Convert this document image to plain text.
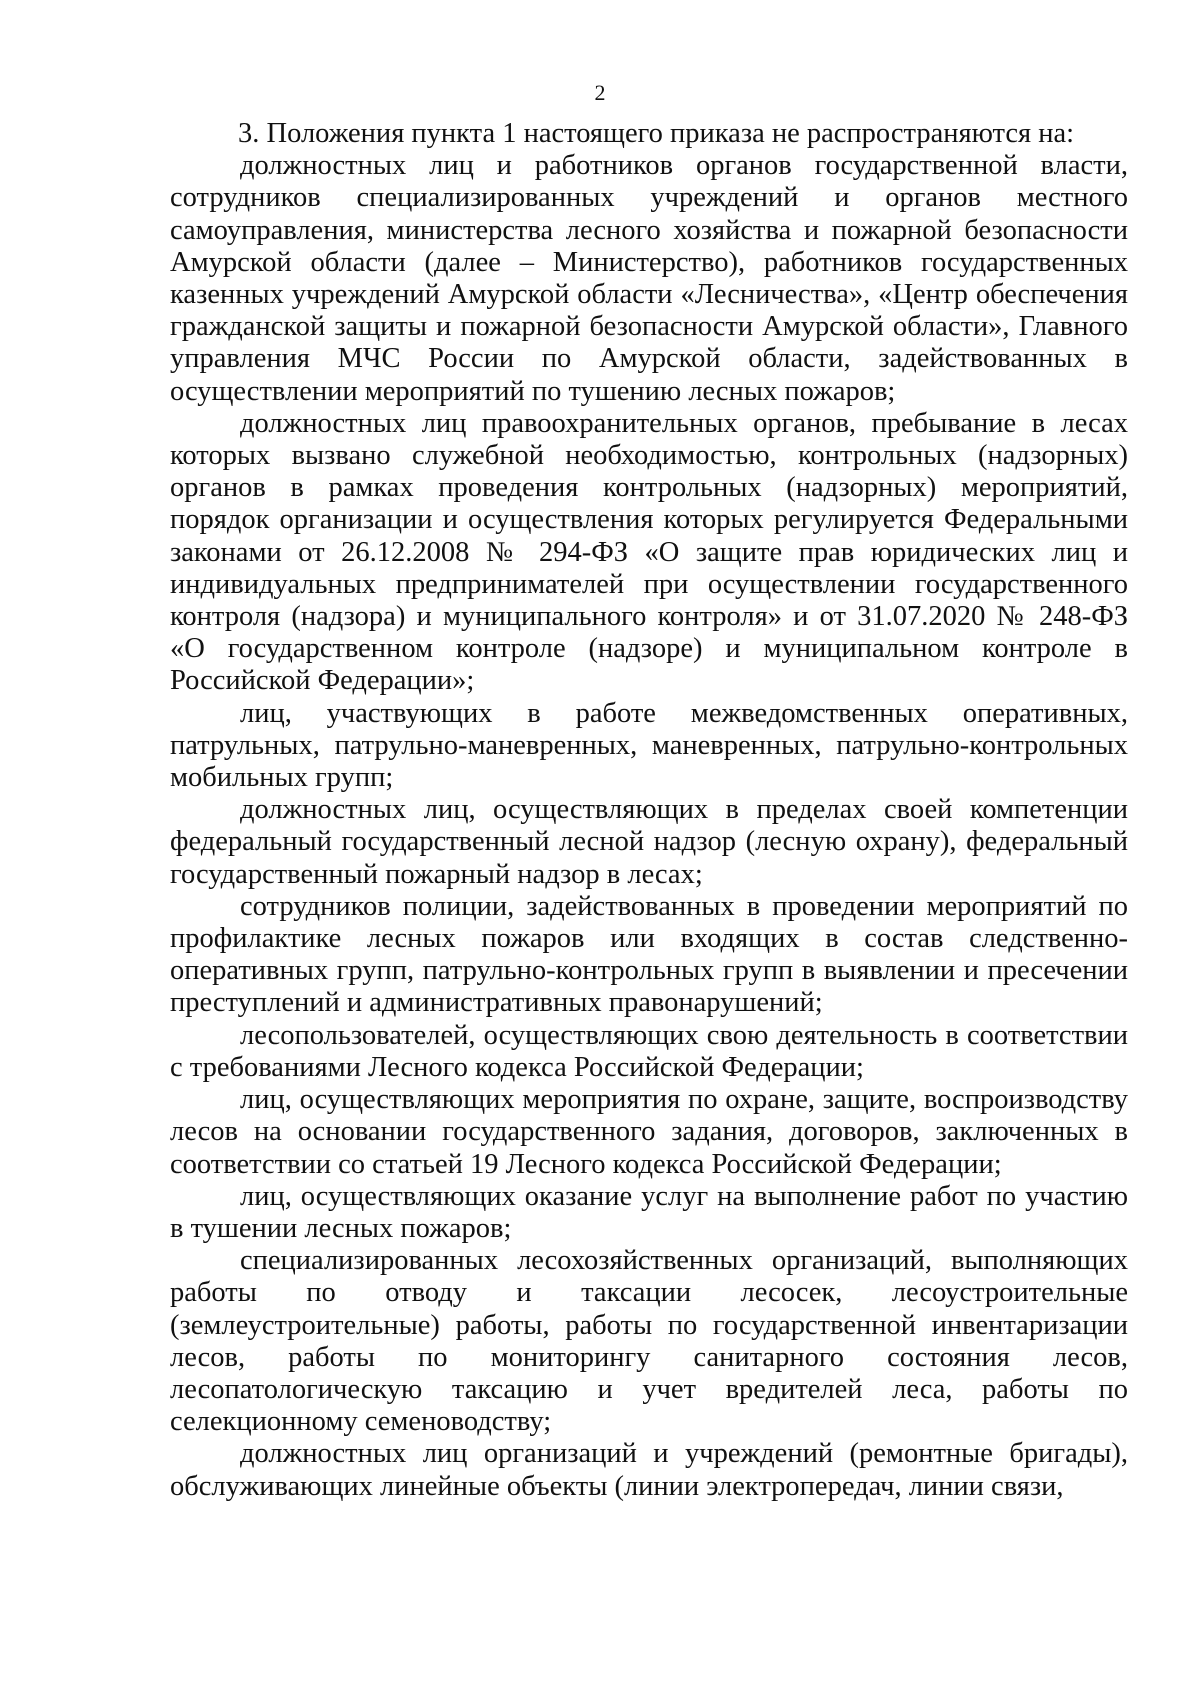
2

3. Положения пункта 1 настоящего приказа не распространяются на:

должностных лиц и работников органов государственной власти, сотрудников специализированных учреждений и органов местного самоуправления, министерства лесного хозяйства и пожарной безопасности Амурской области (далее – Министерство), работников государственных казенных учреждений Амурской области «Лесничества», «Центр обеспечения гражданской защиты и пожарной безопасности Амурской области», Главного управления МЧС России по Амурской области, задействованных в осуществлении мероприятий по тушению лесных пожаров;

должностных лиц правоохранительных органов, пребывание в лесах которых вызвано служебной необходимостью, контрольных (надзорных) органов в рамках проведения контрольных (надзорных) мероприятий, порядок организации и осуществления которых регулируется Федеральными законами от 26.12.2008 № 294-ФЗ «О защите прав юридических лиц и индивидуальных предпринимателей при осуществлении государственного контроля (надзора) и муниципального контроля» и от 31.07.2020 № 248-ФЗ «О государственном контроле (надзоре) и муниципальном контроле в Российской Федерации»;

лиц, участвующих в работе межведомственных оперативных, патрульных, патрульно-маневренных, маневренных, патрульно-контрольных мобильных групп;

должностных лиц, осуществляющих в пределах своей компетенции федеральный государственный лесной надзор (лесную охрану), федеральный государственный пожарный надзор в лесах;

сотрудников полиции, задействованных в проведении мероприятий по профилактике лесных пожаров или входящих в состав следственно-оперативных групп, патрульно-контрольных групп в выявлении и пресечении преступлений и административных правонарушений;

лесопользователей, осуществляющих свою деятельность в соответствии с требованиями Лесного кодекса Российской Федерации;

лиц, осуществляющих мероприятия по охране, защите, воспроизводству лесов на основании государственного задания, договоров, заключенных в соответствии со статьей 19 Лесного кодекса Российской Федерации;

лиц, осуществляющих оказание услуг на выполнение работ по участию в тушении лесных пожаров;

специализированных лесохозяйственных организаций, выполняющих работы по отводу и таксации лесосек, лесоустроительные (землеустроительные) работы, работы по государственной инвентаризации лесов, работы по мониторингу санитарного состояния лесов, лесопатологическую таксацию и учет вредителей леса, работы по селекционному семеноводству;

должностных лиц организаций и учреждений (ремонтные бригады), обслуживающих линейные объекты (линии электропередач, линии связи,
